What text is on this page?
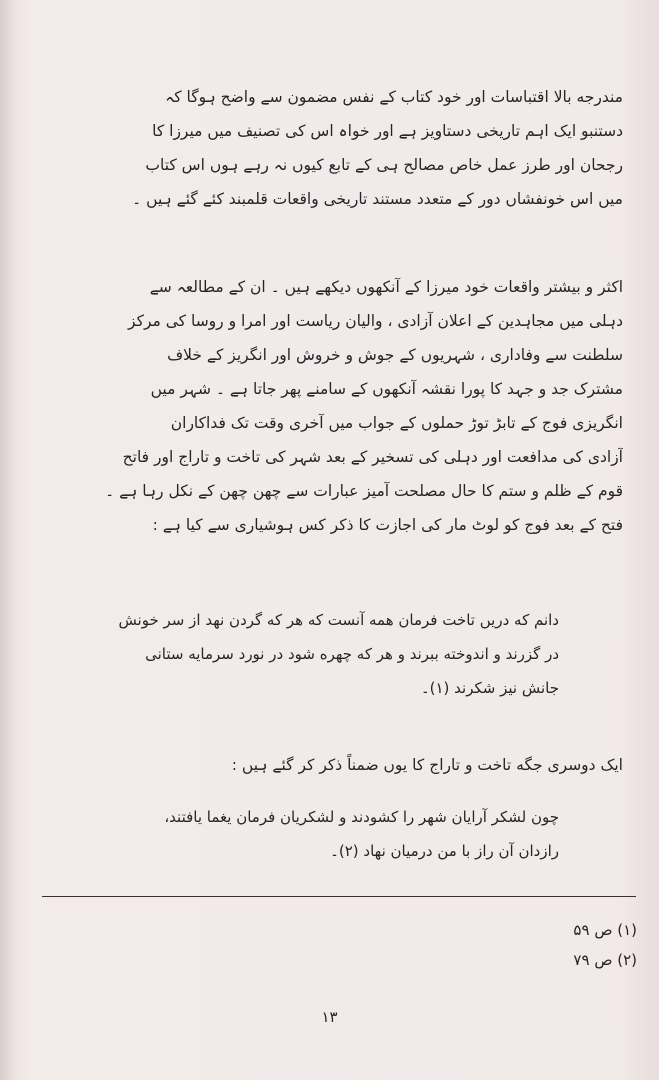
مندرجه بالا اقتباسات اور خود کتاب کے نفس مضمون سے واضح ہوگا کہ
دستنبو ایک اہم تاریخی دستاویز ہے اور خواہ اس کی تصنیف میں میرزا کا
رجحان اور طرز عمل خاص مصالح ہی کے تابع کیوں نہ رہے ہوں اس کتاب
میں اس خونفشاں دور کے متعدد مستند تاریخی واقعات قلمبند کئے گئے ہیں ۔
اکثر و بیشتر واقعات خود میرزا کے آنکھوں دیکھے ہیں ۔ ان کے مطالعہ سے
دہلی میں مجاہدین کے اعلان آزادی ، والیان ریاست اور امرا و روسا کی مرکز
سلطنت سے وفاداری ، شہریوں کے جوش و خروش اور انگریز کے خلاف
مشترک جد و جہد کا پورا نقشہ آنکھوں کے سامنے پھر جاتا ہے ۔ شہر میں
انگریزی فوج کے تابڑ توڑ حملوں کے جواب میں آخری وقت تک فداکاران
آزادی کی مدافعت اور دہلی کی تسخیر کے بعد شہر کی تاخت و تاراج اور فاتح
قوم کے ظلم و ستم کا حال مصلحت آمیز عبارات سے چھن چھن کے نکل رہا ہے ۔
فتح کے بعد فوج کو لوٹ مار کی اجازت کا ذکر کس ہوشیاری سے کیا ہے :
دانم که دریں تاخت فرمان همه آنست که هر که گردن نهد از سر خونش
در گزرند و اندوخته ببرند و هر که چهره شود در نورد سرمایه ستانی
جانش نیز شکرند (۱)۔
ایک دوسری جگه تاخت و تاراج کا یوں ضمناً ذکر کر گئے ہیں :
چون لشکر آرایان شهر را کشودند و لشکریان فرمان یغما یافتند،
رازدان آن راز با من درمیان نهاد (۲)۔
(۱) ص ۵۹
(۲) ص ۷۹
۱۳
